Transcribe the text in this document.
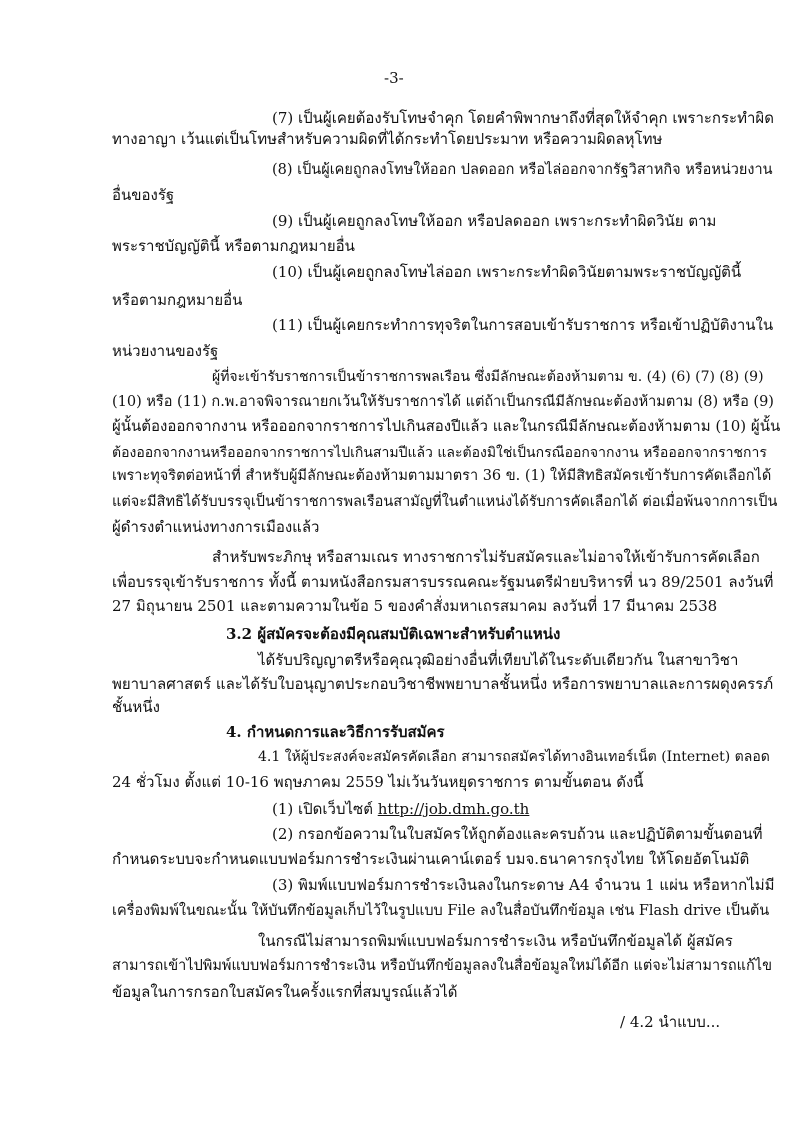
-3-
(7) เป็นผู้เคยต้องรับโทษจำคุก โดยคำพิพากษาถึงที่สุดให้จำคุก เพราะกระทำผิด
ทางอาญา เว้นแต่เป็นโทษสำหรับความผิดที่ได้กระทำโดยประมาท หรือความผิดลหุโทษ
(8) เป็นผู้เคยถูกลงโทษให้ออก ปลดออก หรือไล่ออกจากรัฐวิสาหกิจ หรือหน่วยงาน
อื่นของรัฐ
(9) เป็นผู้เคยถูกลงโทษให้ออก หรือปลดออก เพราะกระทำผิดวินัย ตาม
พระราชบัญญัตินี้ หรือตามกฎหมายอื่น
(10) เป็นผู้เคยถูกลงโทษไล่ออก เพราะกระทำผิดวินัยตามพระราชบัญญัตินี้
หรือตามกฎหมายอื่น
(11) เป็นผู้เคยกระทำการทุจริตในการสอบเข้ารับราชการ หรือเข้าปฏิบัติงานใน
หน่วยงานของรัฐ
ผู้ที่จะเข้ารับราชการเป็นข้าราชการพลเรือน ซึ่งมีลักษณะต้องห้ามตาม ข. (4) (6) (7) (8) (9)
(10) หรือ (11) ก.พ.อาจพิจารณายกเว้นให้รับราชการได้ แต่ถ้าเป็นกรณีมีลักษณะต้องห้ามตาม (8) หรือ (9)
ผู้นั้นต้องออกจากงาน หรือออกจากราชการไปเกินสองปีแล้ว และในกรณีมีลักษณะต้องห้ามตาม (10) ผู้นั้น
ต้องออกจากงานหรือออกจากราชการไปเกินสามปีแล้ว และต้องมิใช่เป็นกรณีออกจากงาน หรือออกจากราชการ
เพราะทุจริตต่อหน้าที่ สำหรับผู้มีลักษณะต้องห้ามตามมาตรา 36 ข. (1) ให้มีสิทธิสมัครเข้ารับการคัดเลือกได้
แต่จะมีสิทธิได้รับบรรจุเป็นข้าราชการพลเรือนสามัญที่ในตำแหน่งได้รับการคัดเลือกได้ ต่อเมื่อพ้นจากการเป็น
ผู้ดำรงตำแหน่งทางการเมืองแล้ว
สำหรับพระภิกษุ หรือสามเณร ทางราชการไม่รับสมัครและไม่อาจให้เข้ารับการคัดเลือก
เพื่อบรรจุเข้ารับราชการ ทั้งนี้ ตามหนังสือกรมสารบรรณคณะรัฐมนตรีฝ่ายบริหารที่ นว 89/2501 ลงวันที่
27 มิถุนายน 2501 และตามความในข้อ 5 ของคำสั่งมหาเถรสมาคม ลงวันที่ 17 มีนาคม 2538
3.2 ผู้สมัครจะต้องมีคุณสมบัติเฉพาะสำหรับตำแหน่ง
ได้รับปริญญาตรีหรือคุณวุฒิอย่างอื่นที่เทียบได้ในระดับเดียวกัน ในสาขาวิชา
พยาบาลศาสตร์ และได้รับใบอนุญาตประกอบวิชาชีพพยาบาลชั้นหนึ่ง หรือการพยาบาลและการผดุงครรภ์
ชั้นหนึ่ง
4. กำหนดการและวิธีการรับสมัคร
4.1 ให้ผู้ประสงค์จะสมัครคัดเลือก สามารถสมัครได้ทางอินเทอร์เน็ต (Internet) ตลอด
24 ชั่วโมง ตั้งแต่ 10-16 พฤษภาคม 2559 ไม่เว้นวันหยุดราชการ ตามขั้นตอน ดังนี้
(1) เปิดเว็บไซต์ http://job.dmh.go.th
(2) กรอกข้อความในใบสมัครให้ถูกต้องและครบถ้วน และปฏิบัติตามขั้นตอนที่
กำหนดระบบจะกำหนดแบบฟอร์มการชำระเงินผ่านเคาน์เตอร์ บมจ.ธนาคารกรุงไทย ให้โดยอัตโนมัติ
(3) พิมพ์แบบฟอร์มการชำระเงินลงในกระดาษ A4 จำนวน 1 แผ่น หรือหากไม่มี
เครื่องพิมพ์ในขณะนั้น ให้บันทึกข้อมูลเก็บไว้ในรูปแบบ File ลงในสื่อบันทึกข้อมูล เช่น Flash drive เป็นต้น
ในกรณีไม่สามารถพิมพ์แบบฟอร์มการชำระเงิน หรือบันทึกข้อมูลได้ ผู้สมัคร
สามารถเข้าไปพิมพ์แบบฟอร์มการชำระเงิน หรือบันทึกข้อมูลลงในสื่อข้อมูลใหม่ได้อีก แต่จะไม่สามารถแก้ไข
ข้อมูลในการกรอกใบสมัครในครั้งแรกที่สมบูรณ์แล้วได้
/ 4.2 นำแบบ...
